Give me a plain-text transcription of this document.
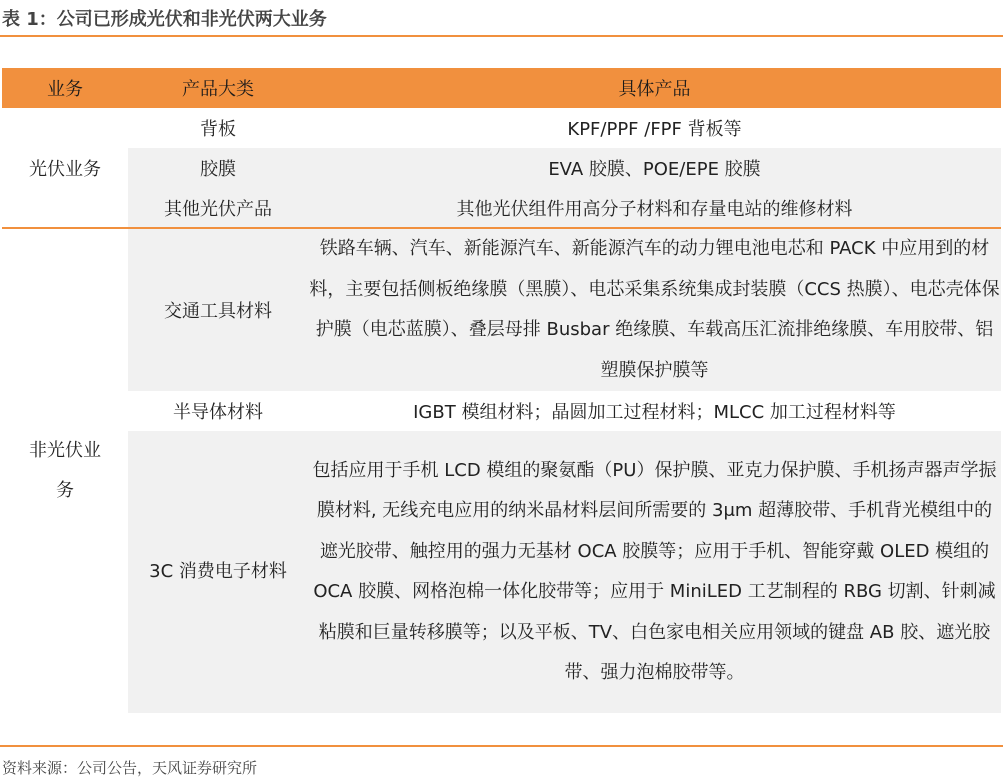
表 1：公司已形成光伏和非光伏两大业务
业务	产品大类	具体产品
光伏业务	背板	KPF/PPF /FPF 背板等
	胶膜	EVA 胶膜、POE/EPE 胶膜
	其他光伏产品	其他光伏组件用高分子材料和存量电站的维修材料

非光伏业务	交通工具材料	铁路车辆、汽车、新能源汽车、新能源汽车的动力锂电池电芯和 PACK 中应用到的材料，主要包括侧板绝缘膜（黑膜）、电芯采集系统集成封装膜（CCS 热膜）、电芯壳体保护膜（电芯蓝膜）、叠层母排 Busbar 绝缘膜、车载高压汇流排绝缘膜、车用胶带、铝塑膜保护膜等
	半导体材料	IGBT 模组材料；晶圆加工过程材料；MLCC 加工过程材料等

	3C 消费电子材料	包括应用于手机 LCD 模组的聚氨酯（PU）保护膜、亚克力保护膜、手机扬声器声学振膜材料, 无线充电应用的纳米晶材料层间所需要的 3μm 超薄胶带、手机背光模组中的遮光胶带、触控用的强力无基材 OCA 胶膜等；应用于手机、智能穿戴 OLED 模组的 OCA 胶膜、网格泡棉一体化胶带等；应用于 MiniLED 工艺制程的 RBG 切割、针刺减粘膜和巨量转移膜等；以及平板、TV、白色家电相关应用领域的键盘 AB 胶、遮光胶带、强力泡棉胶带等。
资料来源：公司公告，天风证券研究所
